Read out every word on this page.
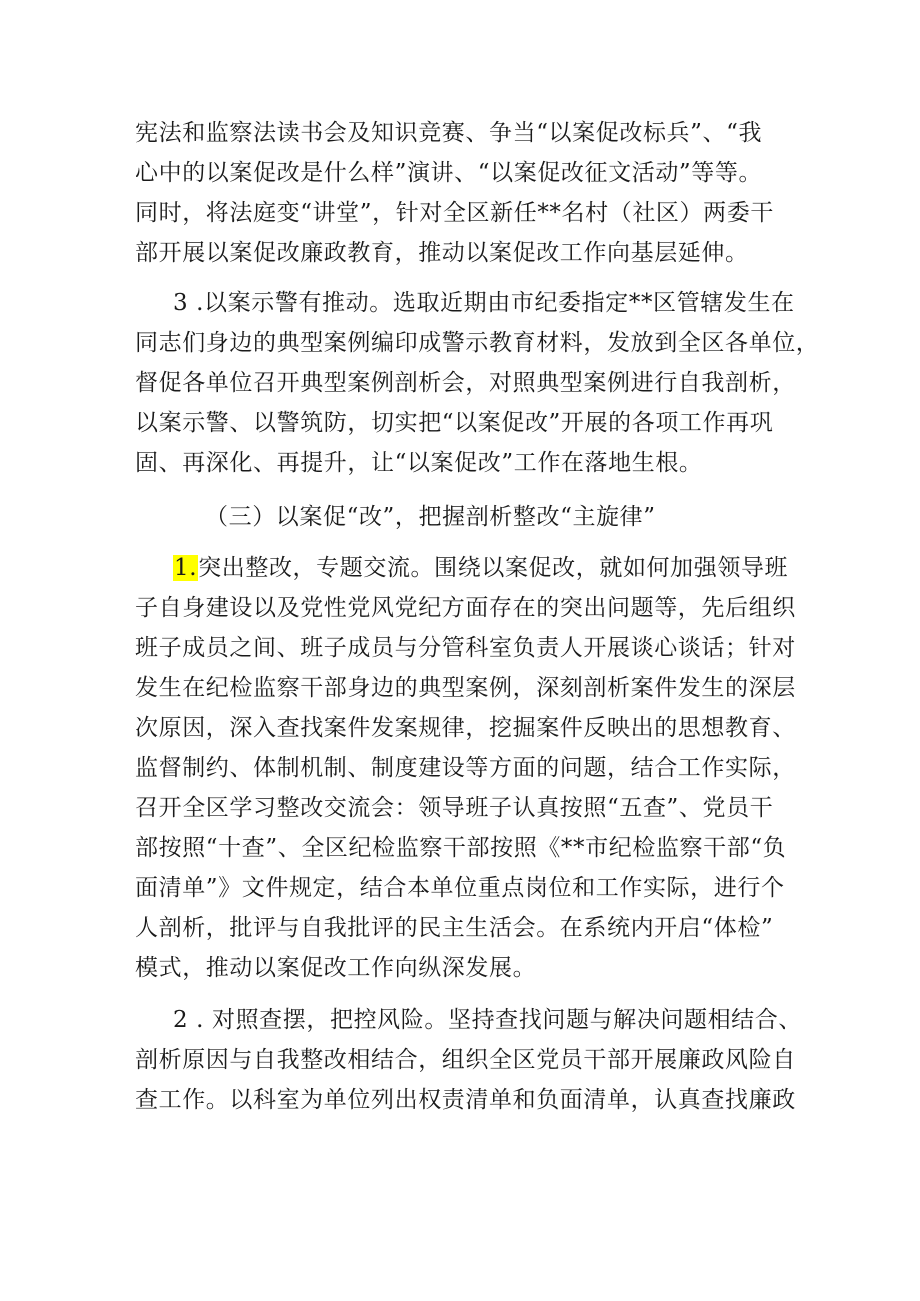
宪法和监察法读书会及知识竞赛、争当“以案促改标兵”、“我
心中的以案促改是什么样”演讲、“以案促改征文活动”等等。
同时，将法庭变“讲堂”，针对全区新任**名村（社区）两委干
部开展以案促改廉政教育，推动以案促改工作向基层延伸。
3 .以案示警有推动。选取近期由市纪委指定**区管辖发生在
同志们身边的典型案例编印成警示教育材料，发放到全区各单位，
督促各单位召开典型案例剖析会，对照典型案例进行自我剖析，
以案示警、以警筑防，切实把“以案促改”开展的各项工作再巩
固、再深化、再提升，让“以案促改”工作在落地生根。
（三）以案促“改”，把握剖析整改“主旋律”
1.突出整改，专题交流。围绕以案促改，就如何加强领导班
子自身建设以及党性党风党纪方面存在的突出问题等，先后组织
班子成员之间、班子成员与分管科室负责人开展谈心谈话；针对
发生在纪检监察干部身边的典型案例，深刻剖析案件发生的深层
次原因，深入查找案件发案规律，挖掘案件反映出的思想教育、
监督制约、体制机制、制度建设等方面的问题，结合工作实际，
召开全区学习整改交流会：领导班子认真按照“五查”、党员干
部按照“十查”、全区纪检监察干部按照《**市纪检监察干部“负
面清单”》文件规定，结合本单位重点岗位和工作实际，进行个
人剖析，批评与自我批评的民主生活会。在系统内开启“体检”
模式，推动以案促改工作向纵深发展。
2 . 对照查摆，把控风险。坚持查找问题与解决问题相结合、
剖析原因与自我整改相结合，组织全区党员干部开展廉政风险自
查工作。以科室为单位列出权责清单和负面清单，认真查找廉政
